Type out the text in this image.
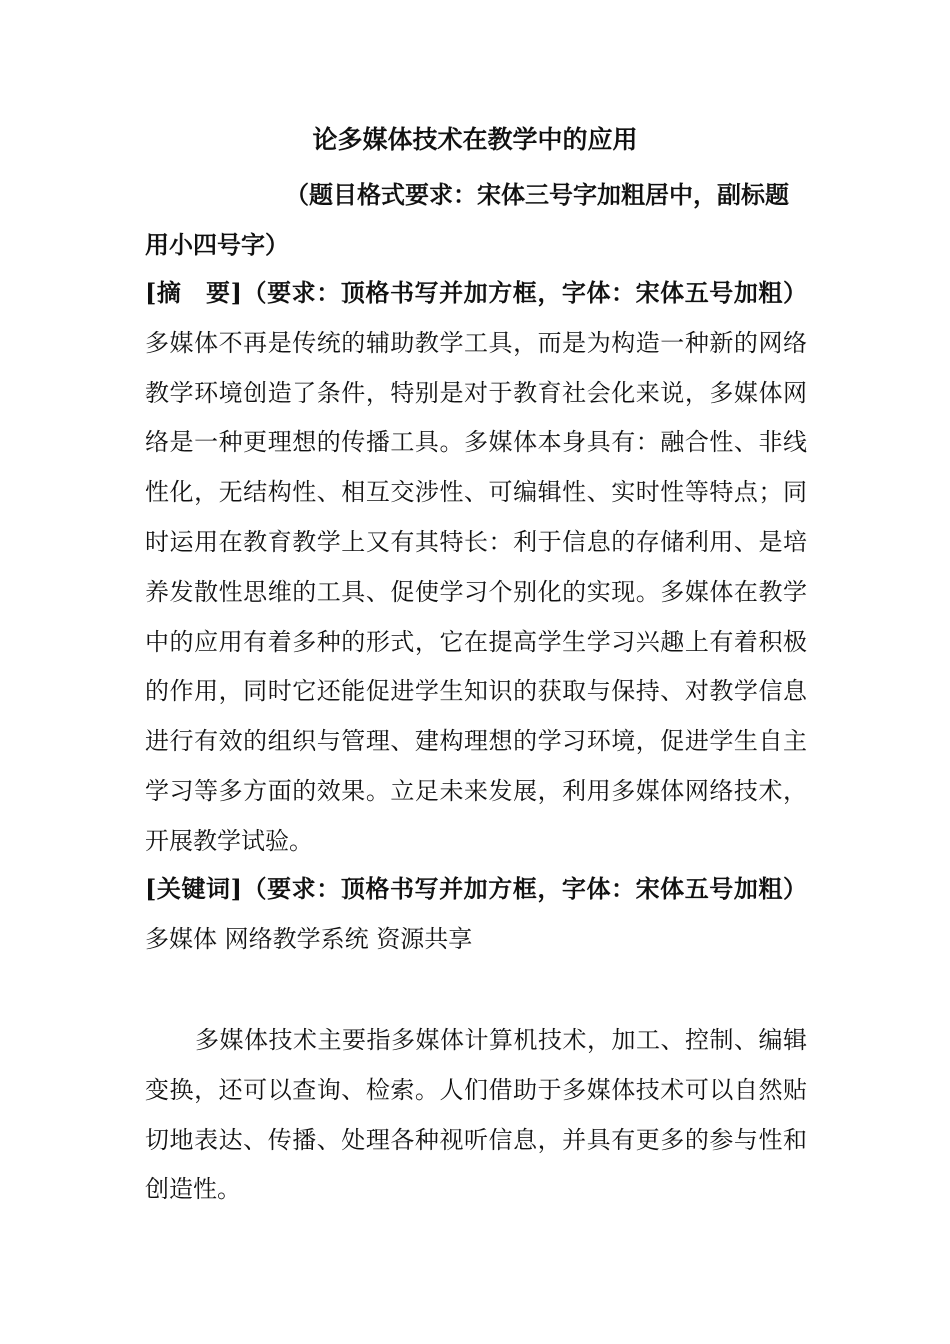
论多媒体技术在教学中的应用

（题目格式要求：宋体三号字加粗居中，副标题用小四号字）

[摘　要]（要求：顶格书写并加方框，字体：宋体五号加粗）多媒体不再是传统的辅助教学工具，而是为构造一种新的网络教学环境创造了条件，特别是对于教育社会化来说，多媒体网络是一种更理想的传播工具。多媒体本身具有：融合性、非线性化，无结构性、相互交涉性、可编辑性、实时性等特点；同时运用在教育教学上又有其特长：利于信息的存储利用、是培养发散性思维的工具、促使学习个别化的实现。多媒体在教学中的应用有着多种的形式，它在提高学生学习兴趣上有着积极的作用，同时它还能促进学生知识的获取与保持、对教学信息进行有效的组织与管理、建构理想的学习环境，促进学生自主学习等多方面的效果。立足未来发展，利用多媒体网络技术，开展教学试验。

[关键词]（要求：顶格书写并加方框，字体：宋体五号加粗）多媒体 网络教学系统 资源共享

多媒体技术主要指多媒体计算机技术，加工、控制、编辑变换，还可以查询、检索。人们借助于多媒体技术可以自然贴切地表达、传播、处理各种视听信息，并具有更多的参与性和创造性。
